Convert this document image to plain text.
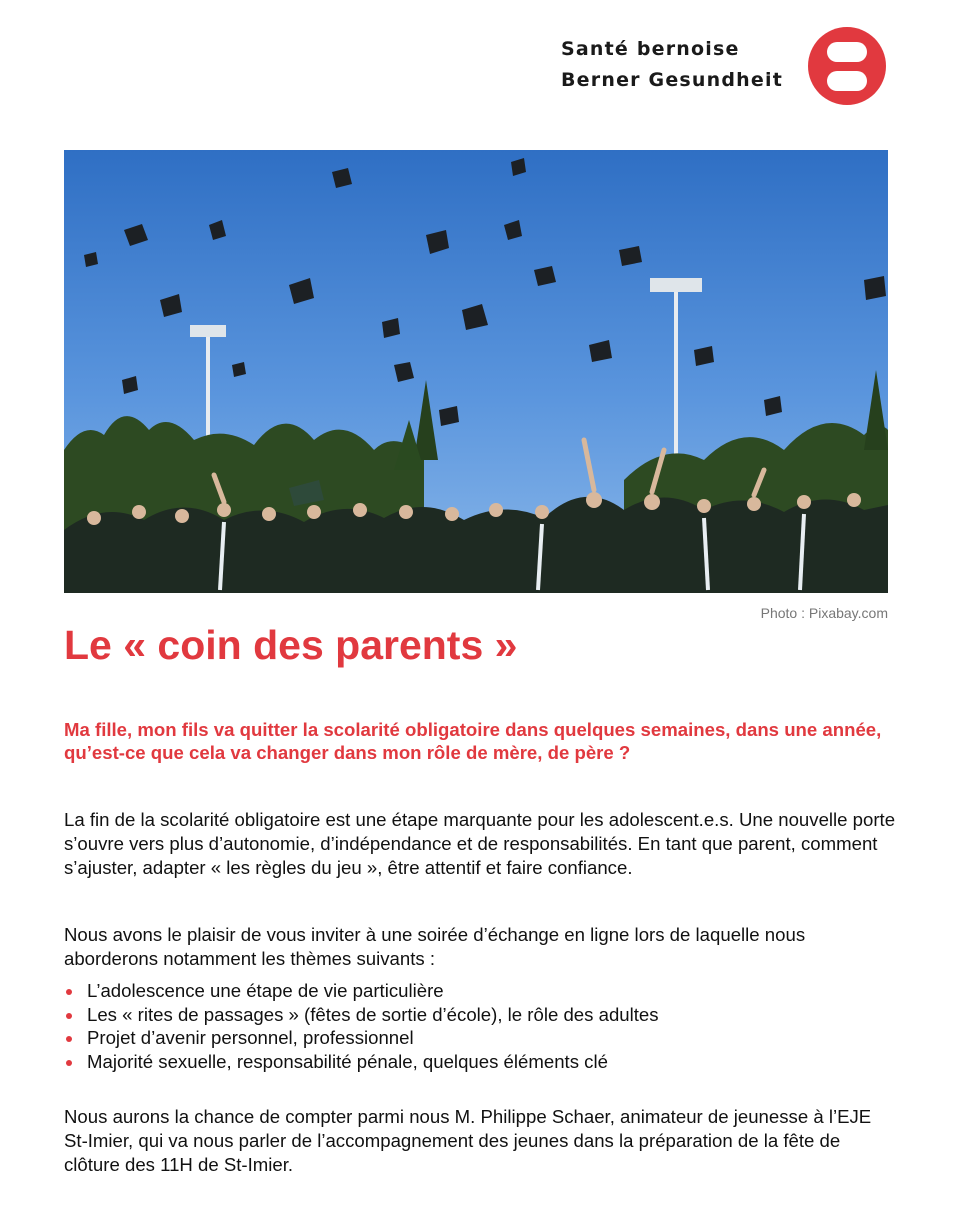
Santé bernoise
Berner Gesundheit
Photo : Pixabay.com
Le « coin des parents »

Ma fille, mon fils va quitter la scolarité obligatoire dans quelques semaines, dans une année, qu’est-ce que cela va changer dans mon rôle de mère, de père ?

La fin de la scolarité obligatoire est une étape marquante pour les adolescent.e.s. Une nouvelle porte s’ouvre vers plus d’autonomie, d’indépendance et de responsabilités. En tant que parent, comment s’ajuster, adapter « les règles du jeu », être attentif et faire confiance.

Nous avons le plaisir de vous inviter à une soirée d’échange en ligne lors de laquelle nous aborderons notamment les thèmes suivants :

L’adolescence une étape de vie particulière
Les « rites de passages » (fêtes de sortie d’école), le rôle des adultes
Projet d’avenir personnel, professionnel
Majorité sexuelle, responsabilité pénale, quelques éléments clé

Nous aurons la chance de compter parmi nous M. Philippe Schaer, animateur de jeunesse à l’EJE St-Imier, qui va nous parler de l’accompagnement des jeunes dans la préparation de la fête de clôture des 11H de St-Imier.
